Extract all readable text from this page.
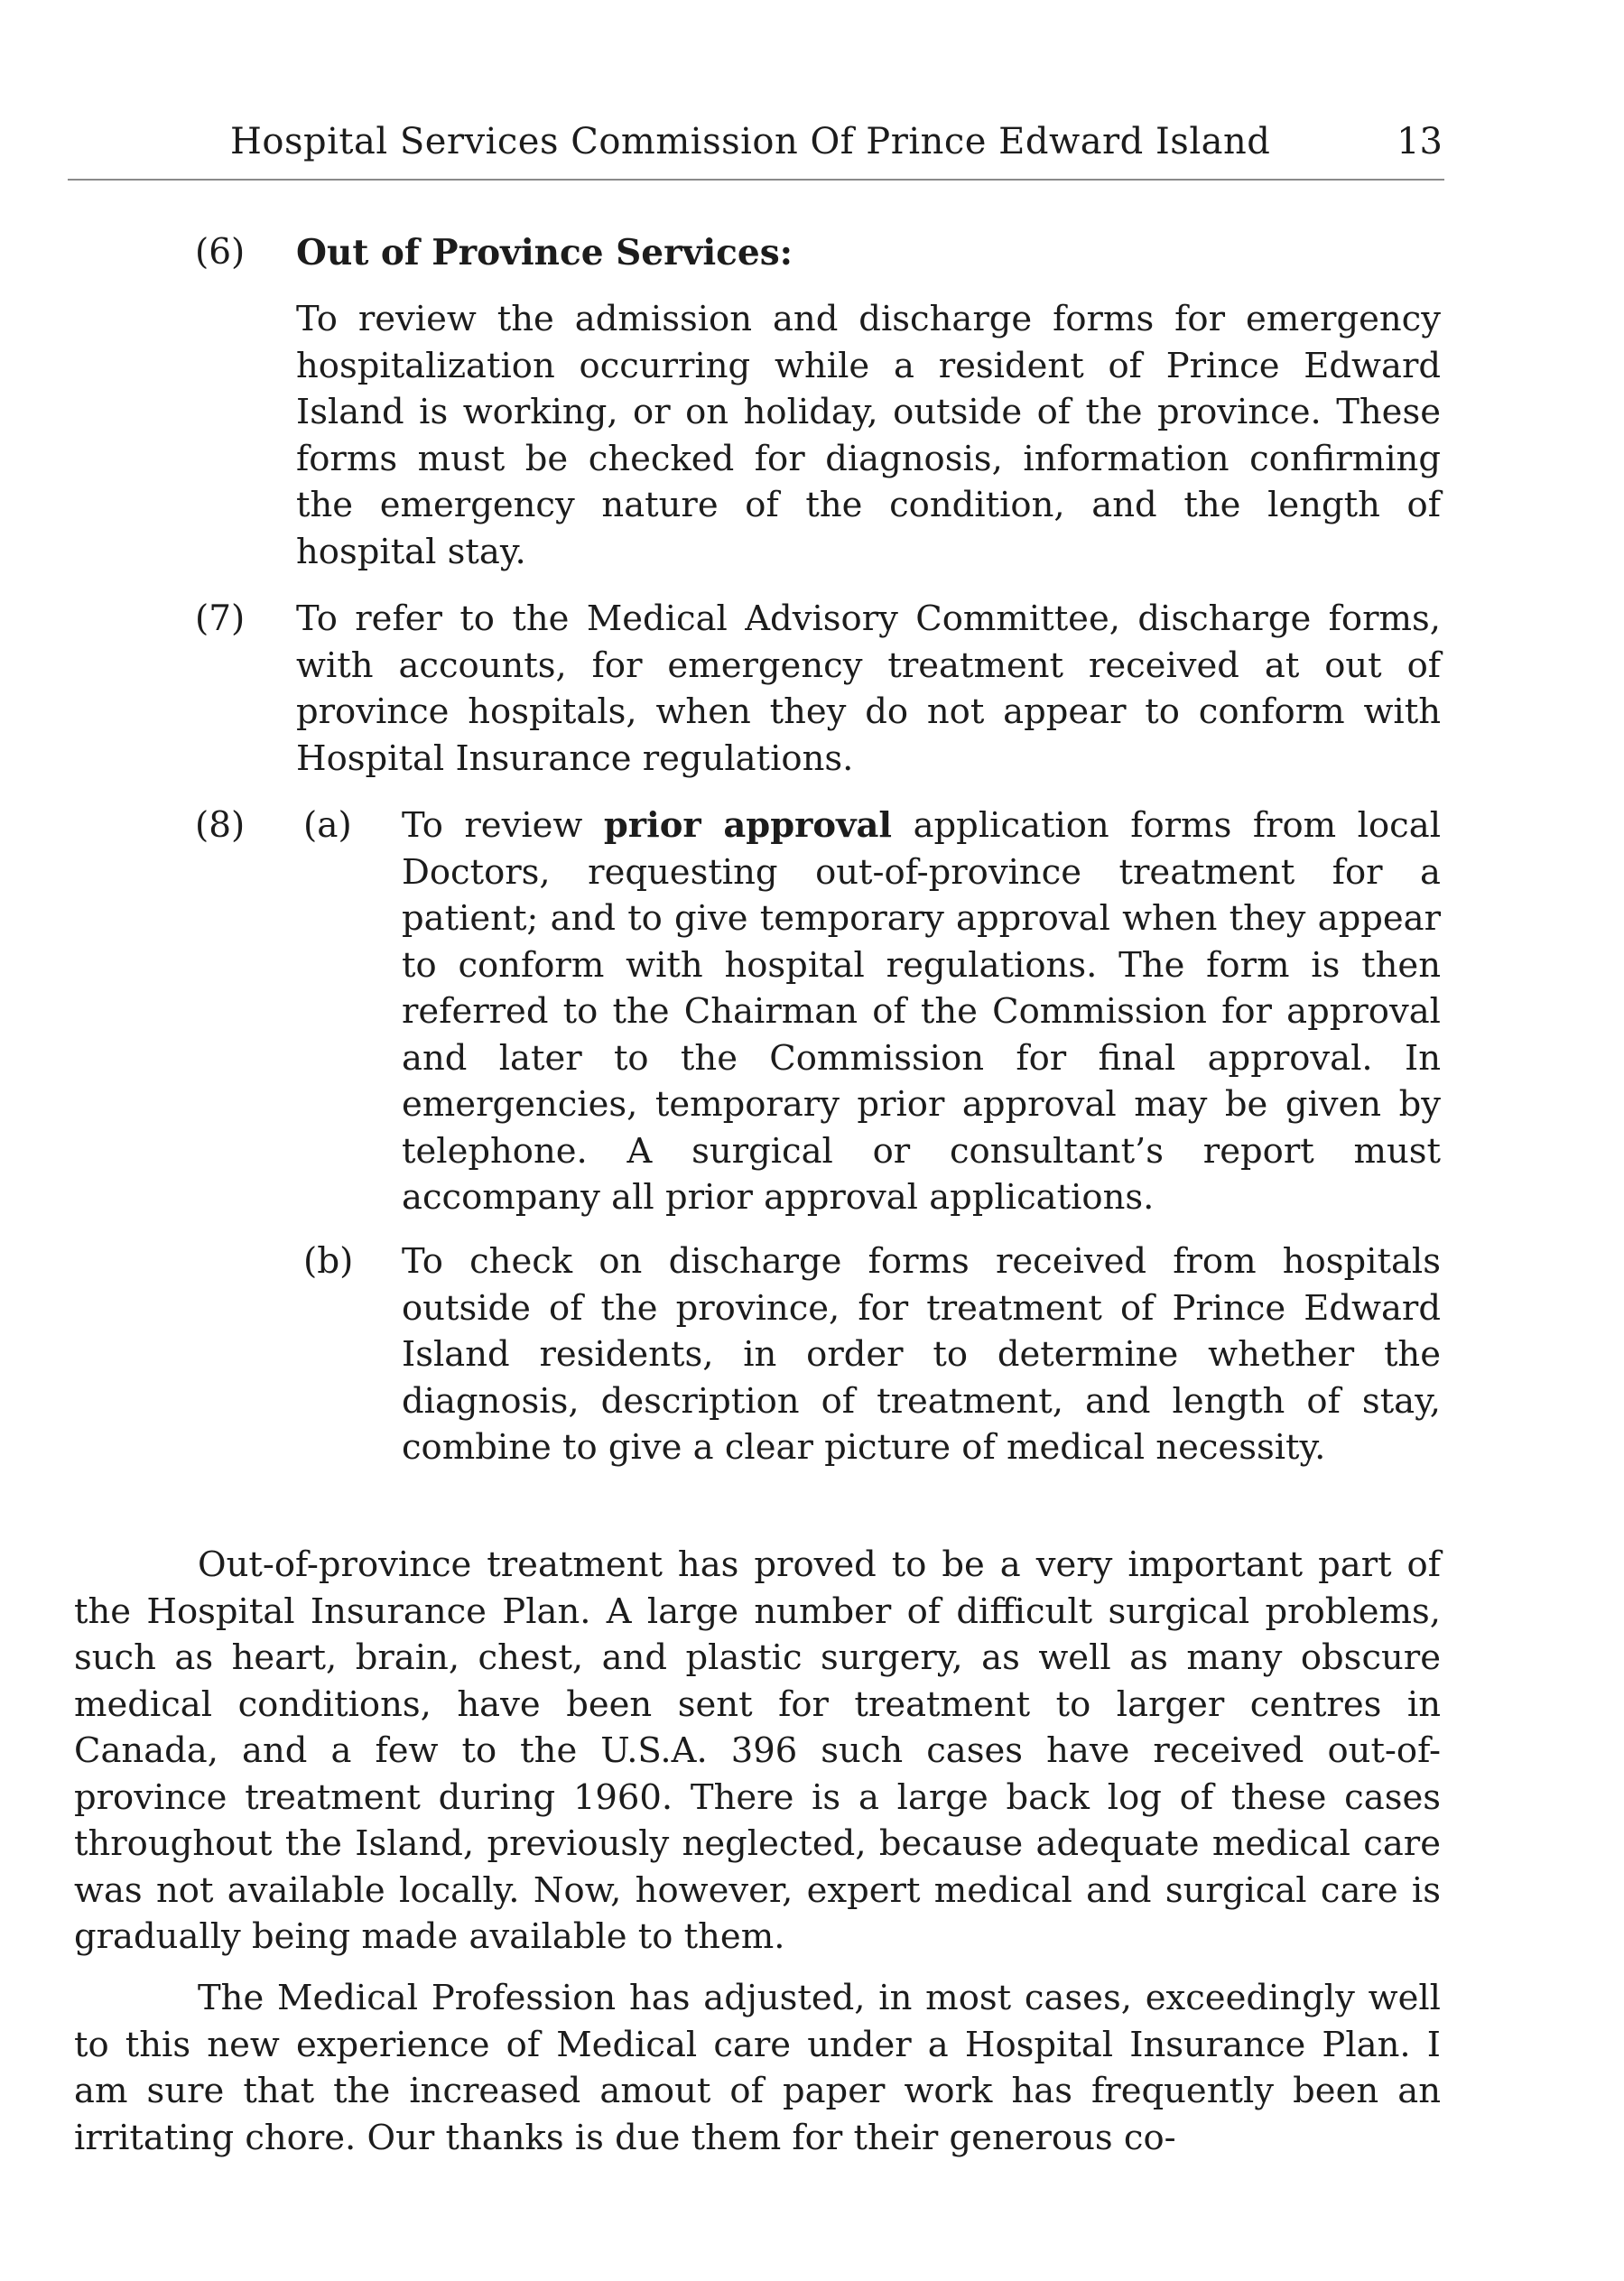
Hospital Services Commission Of Prince Edward Island	13
(6) Out of Province Services:

To review the admission and discharge forms for emergency hospitalization occurring while a resident of Prince Edward Island is working, or on holiday, outside of the province. These forms must be checked for diagnosis, information confirming the emergency nature of the condition, and the length of hospital stay.

(7) To refer to the Medical Advisory Committee, discharge forms, with accounts, for emergency treatment received at out of province hospitals, when they do not appear to conform with Hospital Insurance regulations.

(8) (a) To review prior approval application forms from local Doctors, requesting out-of-province treatment for a patient; and to give temporary approval when they appear to conform with hospital regulations. The form is then referred to the Chairman of the Commission for approval and later to the Commission for final approval. In emergencies, temporary prior approval may be given by telephone. A surgical or consultant’s report must accompany all prior approval applications.

(b) To check on discharge forms received from hospitals outside of the province, for treatment of Prince Edward Island residents, in order to determine whether the diagnosis, description of treatment, and length of stay, combine to give a clear picture of medical necessity.

Out-of-province treatment has proved to be a very important part of the Hospital Insurance Plan. A large number of difficult surgical problems, such as heart, brain, chest, and plastic surgery, as well as many obscure medical conditions, have been sent for treatment to larger centres in Canada, and a few to the U.S.A. 396 such cases have received out-of-province treatment during 1960. There is a large back log of these cases throughout the Island, previously neglected, because adequate medical care was not available locally. Now, however, expert medical and surgical care is gradually being made available to them.

The Medical Profession has adjusted, in most cases, exceedingly well to this new experience of Medical care under a Hospital Insurance Plan. I am sure that the increased amout of paper work has frequently been an irritating chore. Our thanks is due them for their generous co-
